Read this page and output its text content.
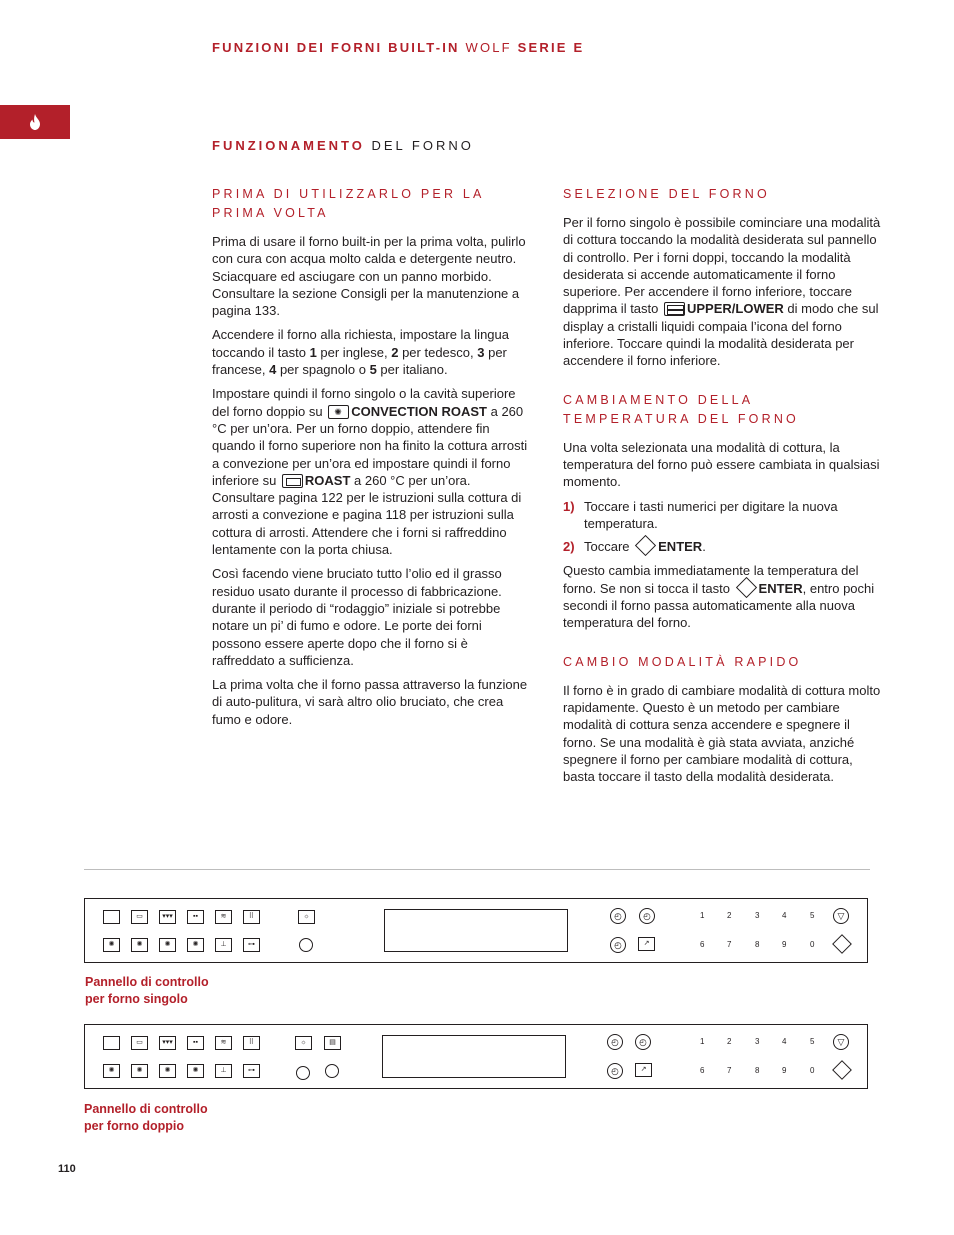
FUNZIONI DEI FORNI BUILT-IN WOLF SERIE E
FUNZIONAMENTO DEL FORNO
PRIMA DI UTILIZZARLO PER LA PRIMA VOLTA

Prima di usare il forno built-in per la prima volta, pulirlo con cura con acqua molto calda e detergente neutro. Sciacquare ed asciugare con un panno morbido. Consultare la sezione Consigli per la manutenzione a pagina 133.

Accendere il forno alla richiesta, impostare la lingua toccando il tasto 1 per inglese, 2 per tedesco, 3 per francese, 4 per spagnolo o 5 per italiano.

Impostare quindi il forno singolo o la cavità superiore del forno doppio su ✺CONVECTION ROAST a 260 °C per un’ora. Per un forno doppio, attendere fin quando il forno superiore non ha finito la cottura arrosti a convezione per un’ora ed impostare quindi il forno inferiore su ROAST a 260 °C per un’ora. Consultare pagina 122 per le istruzioni sulla cottura di arrosti a convezione e pagina 118 per istruzioni sulla cottura di arrosti. Attendere che i forni si raffreddino lentamente con la porta chiusa.

Così facendo viene bruciato tutto l’olio ed il grasso residuo usato durante il processo di fabbricazione. durante il periodo di “rodaggio” iniziale si potrebbe notare un pi’ di fumo e odore. Le porte dei forni possono essere aperte dopo che il forno si è raffreddato a sufficienza.

La prima volta che il forno passa attraverso la funzione di auto-pulitura, vi sarà altro olio bruciato, che crea fumo e odore.

SELEZIONE DEL FORNO

Per il forno singolo è possibile cominciare una modalità di cottura toccando la modalità desiderata sul pannello di controllo. Per i forni doppi, toccando la modalità desiderata si accende automaticamente il forno superiore. Per accendere il forno inferiore, toccare dapprima il tasto UPPER/LOWER di modo che sul display a cristalli liquidi compaia l’icona del forno inferiore. Toccare quindi la modalità desiderata per accendere il forno inferiore.

CAMBIAMENTO DELLA TEMPERATURA DEL FORNO

Una volta selezionata una modalità di cottura, la temperatura del forno può essere cambiata in qualsiasi momento.

1) Toccare i tasti numerici per digitare la nuova temperatura.
2) Toccare ENTER.

Questo cambia immediatamente la temperatura del forno. Se non si tocca il tasto ENTER, entro pochi secondi il forno passa automaticamente alla nuova temperatura del forno.

CAMBIO MODALITÀ RAPIDO

Il forno è in grado di cambiare modalità di cottura molto rapidamente. Questo è un metodo per cambiare modalità di cottura senza accendere e spegnere il forno. Se una modalità è già stata avviata, anziché spegnere il forno per cambiare modalità di cottura, basta toccare il tasto della modalità desiderata.

▭	▾▾▾	▪▪	≋	⠿
✺	✺	✺	✺	⊥	⊶
☼	◴	◴
◴	↗
1	2	3	4	5
6	7	8	9	0
▽
Pannello di controllo
per forno singolo
▭	▾▾▾	▪▪	≋	⠿
✺	✺	✺	✺	⊥	⊶
☼	▤	◴	◴
◴	↗
1	2	3	4	5
6	7	8	9	0
▽
Pannello di controllo
per forno doppio
110
